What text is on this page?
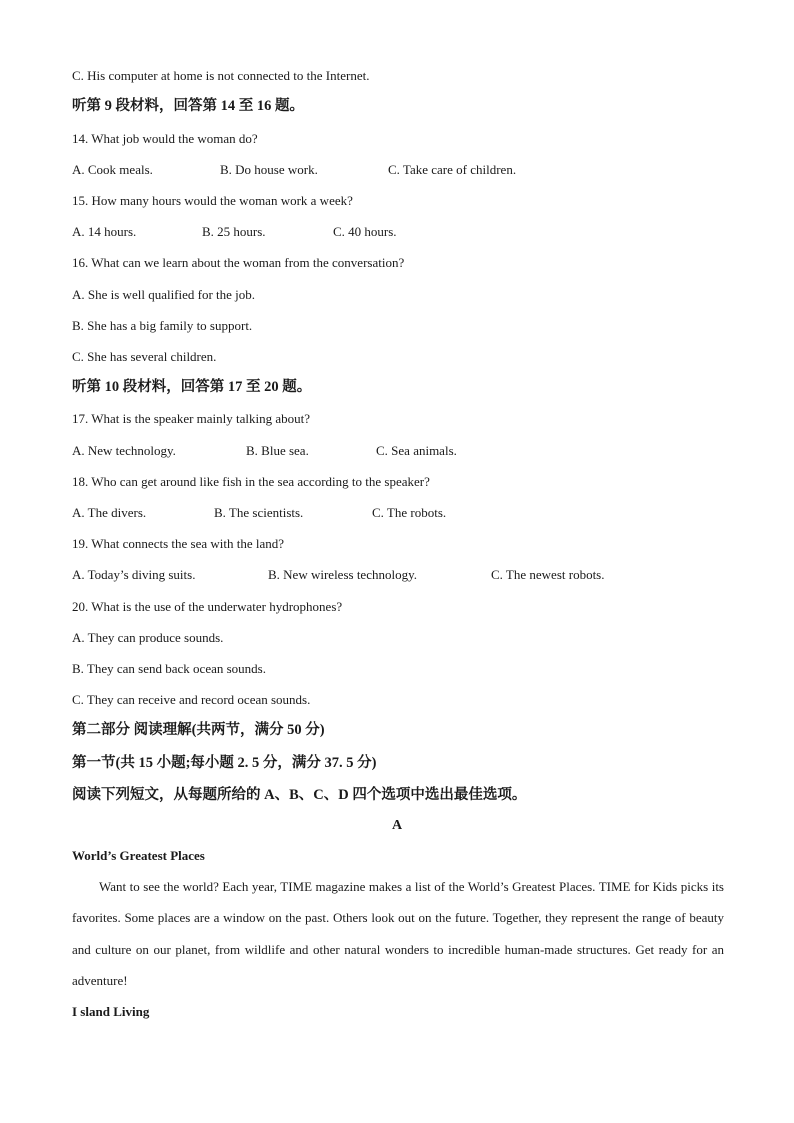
C. His computer at home is not connected to the Internet.
听第 9 段材料，回答第 14 至 16 题。
14. What job would the woman do?
A. Cook meals.	B. Do house work.	C. Take care of children.
15. How many hours would the woman work a week?
A. 14 hours.	B. 25 hours.	C. 40 hours.
16. What can we learn about the woman from the conversation?
A. She is well qualified for the job.
B. She has a big family to support.
C. She has several children.
听第 10 段材料，回答第 17 至 20 题。
17. What is the speaker mainly talking about?
A. New technology.	B. Blue sea.	C. Sea animals.
18. Who can get around like fish in the sea according to the speaker?
A. The divers.	B. The scientists.	C. The robots.
19. What connects the sea with the land?
A. Today’s diving suits.	B. New wireless technology.	C. The newest robots.
20. What is the use of the underwater hydrophones?
A. They can produce sounds.
B. They can send back ocean sounds.
C. They can receive and record ocean sounds.
第二部分 阅读理解(共两节，满分 50 分)
第一节(共 15 小题;每小题 2. 5 分，满分 37. 5 分)
阅读下列短文，从每题所给的 A、B、C、D 四个选项中选出最佳选项。
A
World’s Greatest Places
Want to see the world? Each year, TIME magazine makes a list of the World’s Greatest Places. TIME for Kids picks its favorites. Some places are a window on the past. Others look out on the future. Together, they represent the range of beauty and culture on our planet, from wildlife and other natural wonders to incredible human-made structures. Get ready for an adventure!
I sland Living
